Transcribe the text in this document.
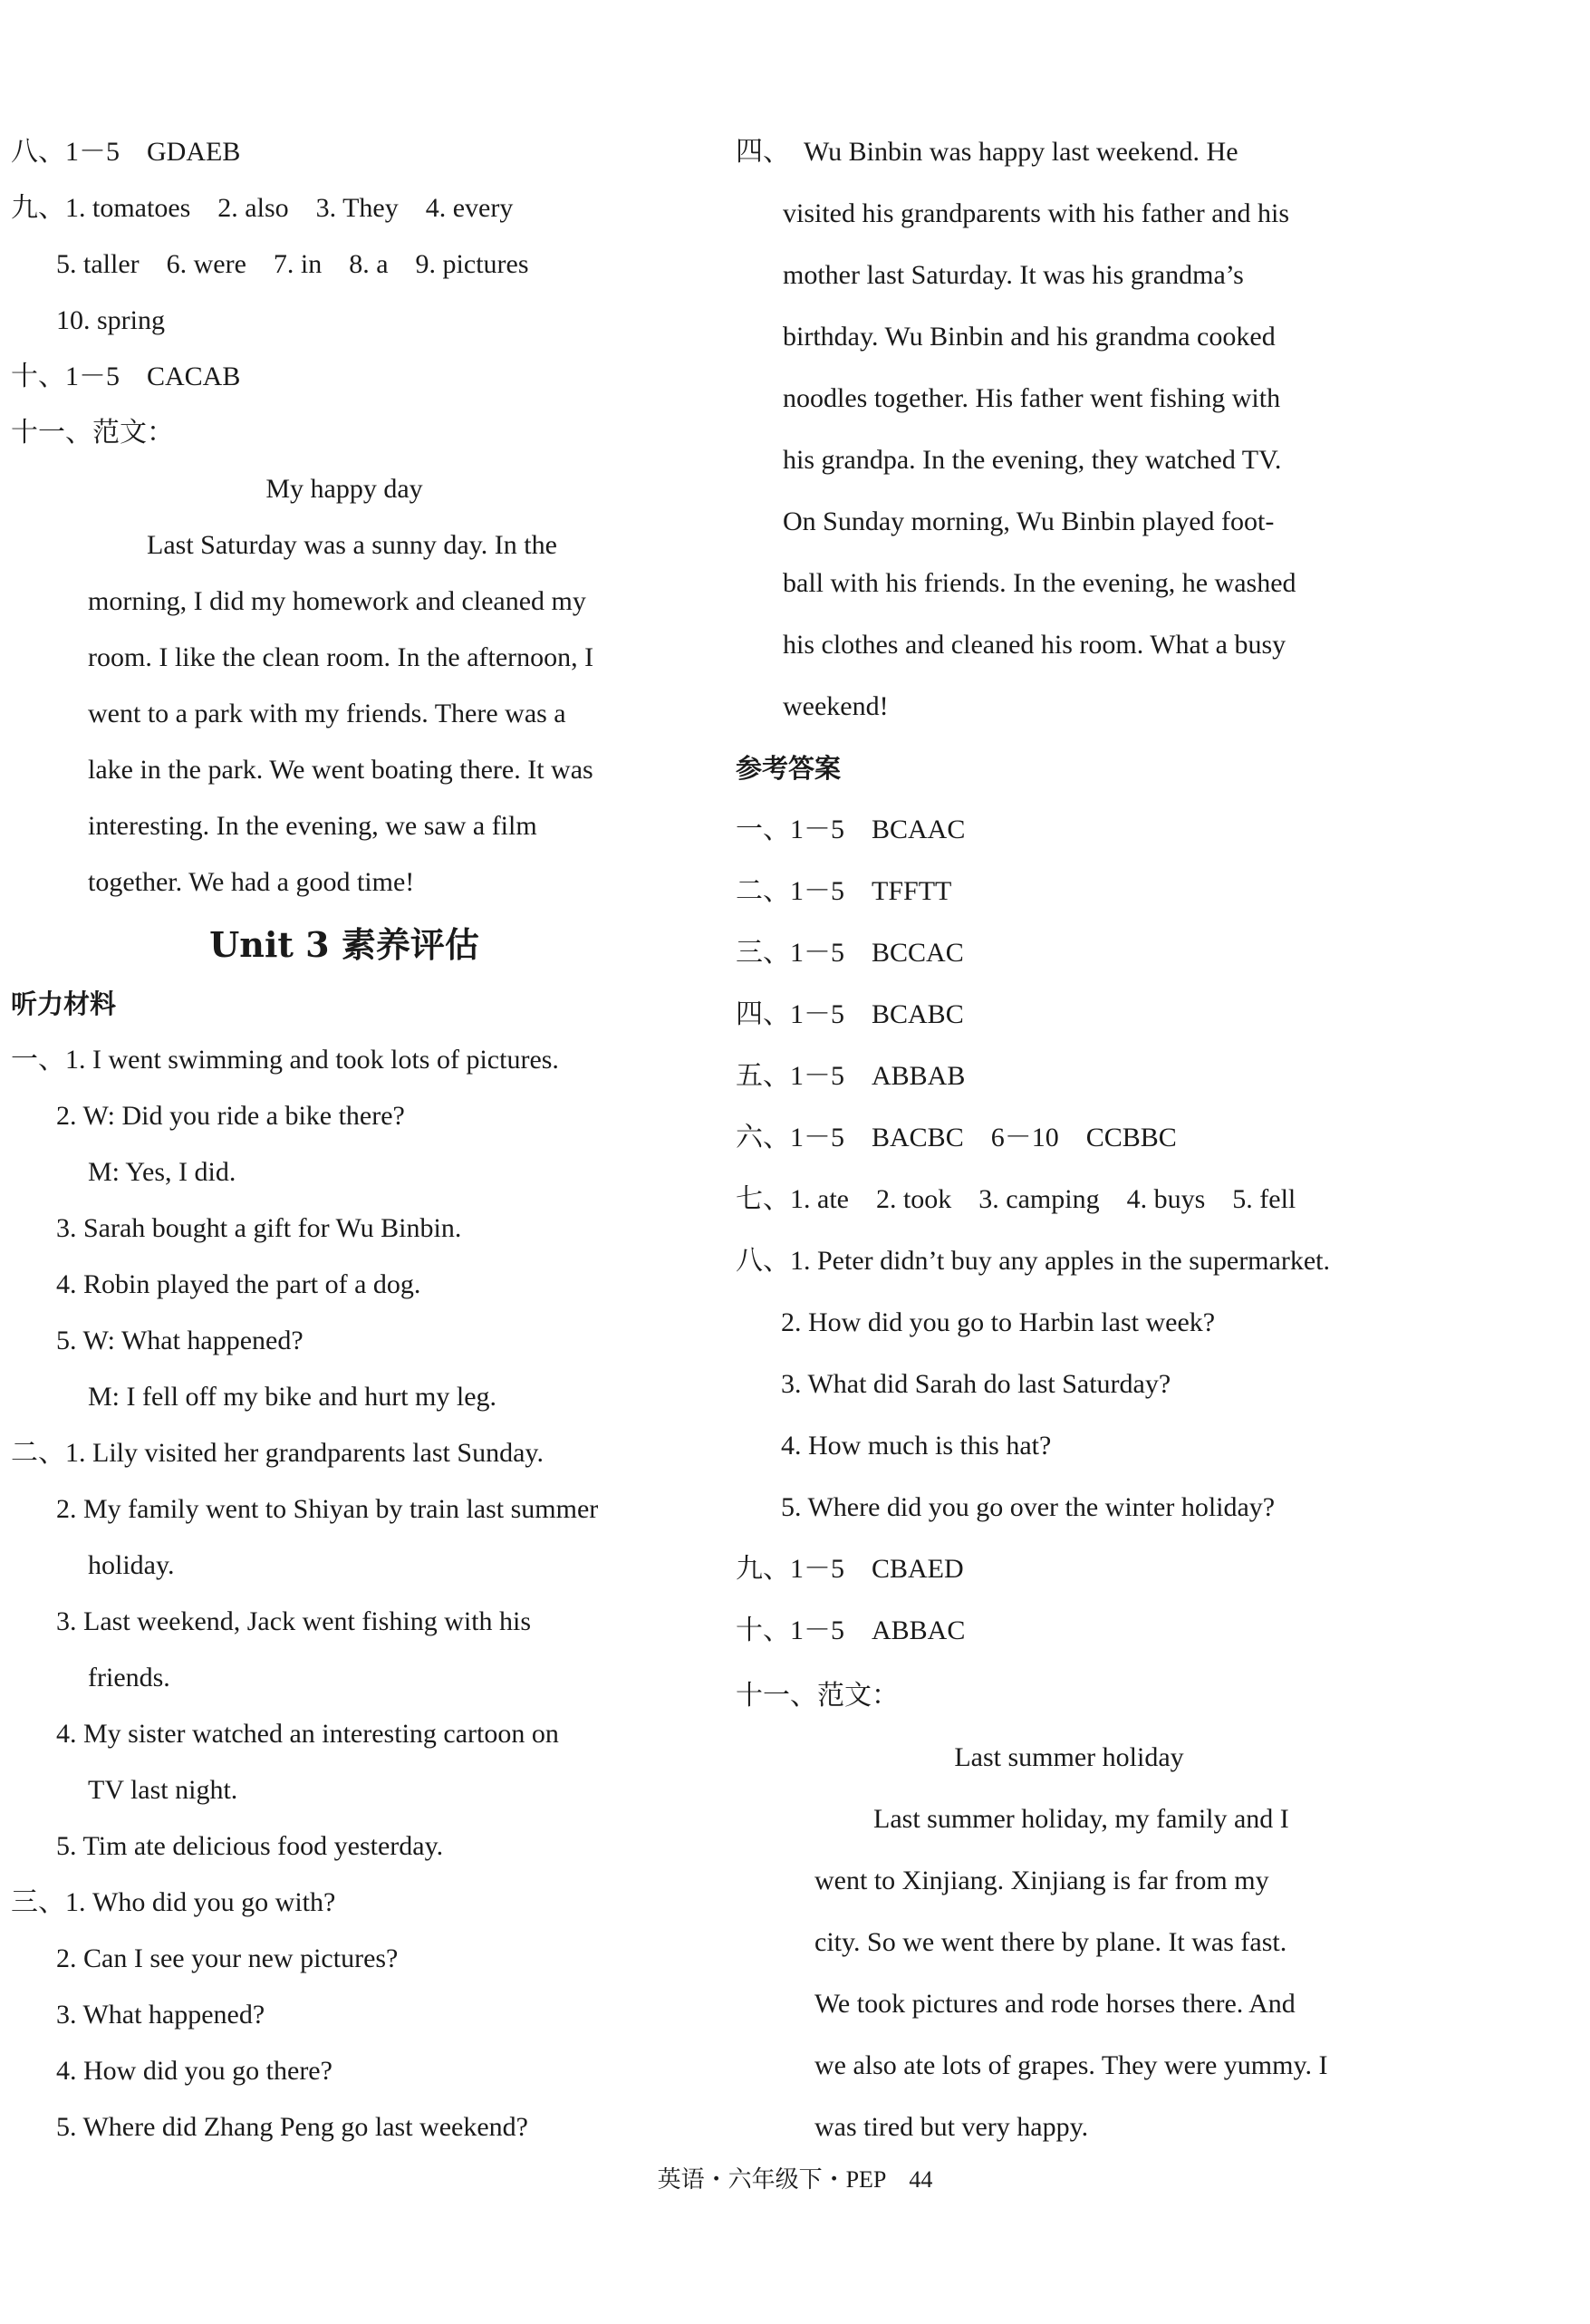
八、1－5　GDAEB
九、1. tomatoes　2. also　3. They　4. every
5. taller　6. were　7. in　8. a　9. pictures
10. spring
十、1－5　CACAB
十一、范文：
My happy day
Last Saturday was a sunny day. In the
morning, I did my homework and cleaned my
room. I like the clean room. In the afternoon, I
went to a park with my friends. There was a
lake in the park. We went boating there. It was
interesting. In the evening, we saw a film
together. We had a good time!
Unit 3 素养评估
听力材料
一、1. I went swimming and took lots of pictures.
2. W: Did you ride a bike there?
M: Yes, I did.
3. Sarah bought a gift for Wu Binbin.
4. Robin played the part of a dog.
5. W: What happened?
M: I fell off my bike and hurt my leg.
二、1. Lily visited her grandparents last Sunday.
2. My family went to Shiyan by train last summer
holiday.
3. Last weekend, Jack went fishing with his
friends.
4. My sister watched an interesting cartoon on
TV last night.
5. Tim ate delicious food yesterday.
三、1. Who did you go with?
2. Can I see your new pictures?
3. What happened?
4. How did you go there?
5. Where did Zhang Peng go last weekend?
四、　Wu Binbin was happy last weekend. He
visited his grandparents with his father and his
mother last Saturday. It was his grandma’s
birthday. Wu Binbin and his grandma cooked
noodles together. His father went fishing with
his grandpa. In the evening, they watched TV.
On Sunday morning, Wu Binbin played foot-
ball with his friends. In the evening, he washed
his clothes and cleaned his room. What a busy
weekend!
参考答案
一、1－5　BCAAC
二、1－5　TFFTT
三、1－5　BCCAC
四、1－5　BCABC
五、1－5　ABBAB
六、1－5　BACBC　6－10　CCBBC
七、1. ate　2. took　3. camping　4. buys　5. fell
八、1. Peter didn’t buy any apples in the supermarket.
2. How did you go to Harbin last week?
3. What did Sarah do last Saturday?
4. How much is this hat?
5. Where did you go over the winter holiday?
九、1－5　CBAED
十、1－5　ABBAC
十一、范文：
Last summer holiday
Last summer holiday, my family and I
went to Xinjiang. Xinjiang is far from my
city. So we went there by plane. It was fast.
We took pictures and rode horses there. And
we also ate lots of grapes. They were yummy. I
was tired but very happy.
英语・六年级下・PEP　44
